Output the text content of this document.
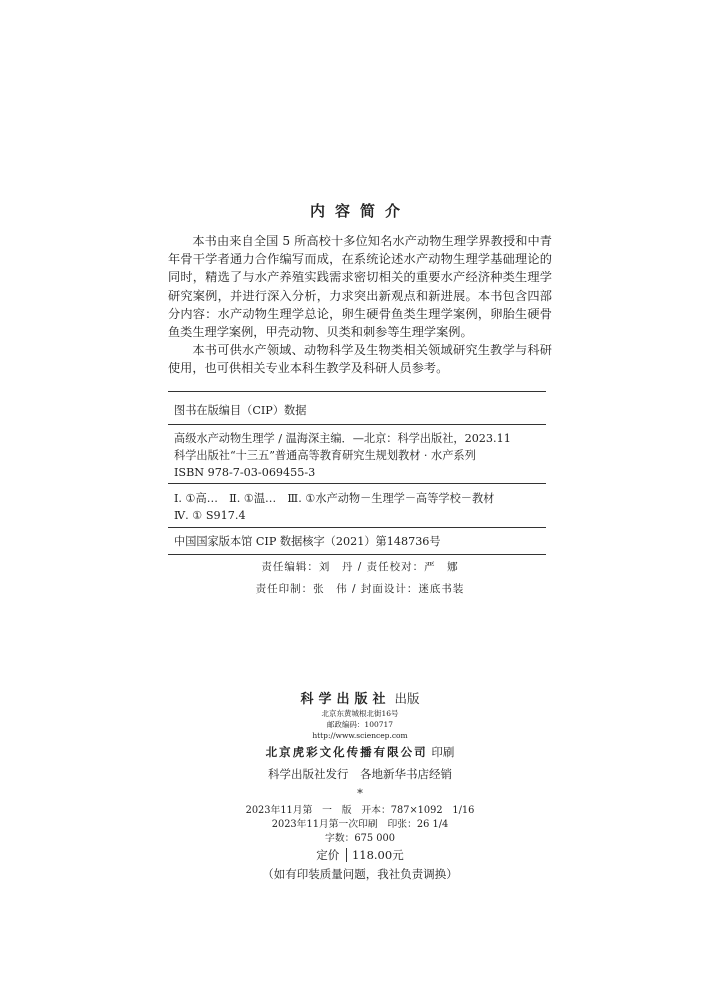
内容简介

本书由来自全国 5 所高校十多位知名水产动物生理学界教授和中青年骨干学者通力合作编写而成，在系统论述水产动物生理学基础理论的同时，精选了与水产养殖实践需求密切相关的重要水产经济种类生理学研究案例，并进行深入分析，力求突出新观点和新进展。本书包含四部分内容：水产动物生理学总论，卵生硬骨鱼类生理学案例，卵胎生硬骨鱼类生理学案例，甲壳动物、贝类和刺参等生理学案例。

本书可供水产领域、动物科学及生物类相关领域研究生教学与科研使用，也可供相关专业本科生教学及科研人员参考。

图书在版编目（CIP）数据
高级水产动物生理学 / 温海深主编．—北京：科学出版社，2023.11
科学出版社“十三五”普通高等教育研究生规划教材 · 水产系列
ISBN 978-7-03-069455-3
Ⅰ. ①高…　Ⅱ. ①温…　Ⅲ. ①水产动物－生理学－高等学校－教材
Ⅳ. ① S917.4
中国国家版本馆 CIP 数据核字（2021）第148736号
责任编辑：刘　丹 / 责任校对：严　娜
责任印制：张　伟 / 封面设计：迷底书装
科学出版社 出版
北京东黄城根北街16号
邮政编码：100717
http://www.sciencep.com
北京虎彩文化传播有限公司 印刷
科学出版社发行　各地新华书店经销
*
2023年11月第　一　版　开本：787×1092　1/16
2023年11月第一次印刷　印张：26 1/4
字数：675 000
定价 118.00元
（如有印装质量问题，我社负责调换）
